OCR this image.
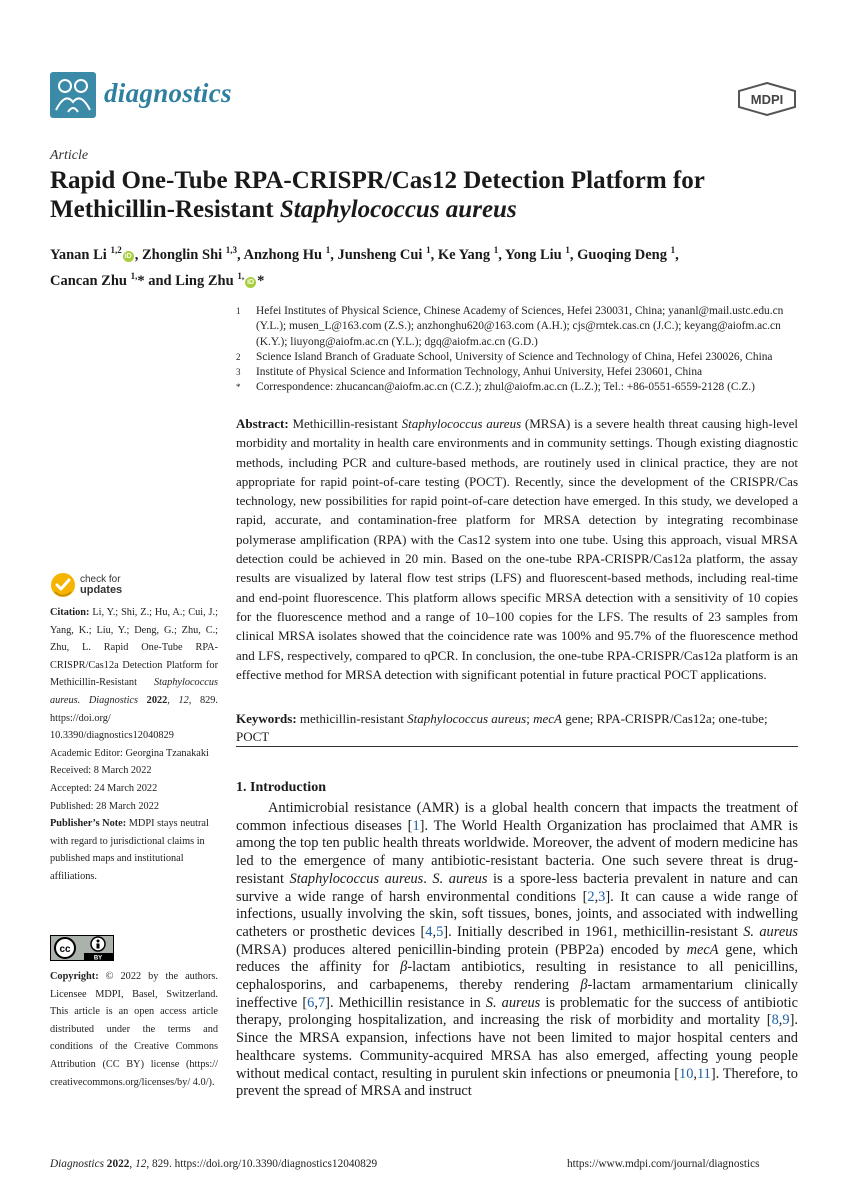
diagnostics	MDPI
Article
Rapid One-Tube RPA-CRISPR/Cas12 Detection Platform for
Methicillin-Resistant Staphylococcus aureus
Yanan Li $^{1,2}$iD , Zhonglin Shi $^{1,3}$, Anzhong Hu $^1$, Junsheng Cui $^1$, Ke Yang $^1$, Yong Liu $^1$, Guoqing Deng $^1$,
Cancan Zhu $^{1,}$* and Ling Zhu $^{1,}$iD *
1	Hefei Institutes of Physical Science, Chinese Academy of Sciences, Hefei 230031, China; yananl@mail.ustc.edu.cn (Y.L.); musen_L@163.com (Z.S.); anzhonghu620@163.com (A.H.); cjs@rntek.cas.cn (J.C.); keyang@aiofm.ac.cn (K.Y.); liuyong@aiofm.ac.cn (Y.L.); dgq@aiofm.ac.cn (G.D.)
2	Science Island Branch of Graduate School, University of Science and Technology of China, Hefei 230026, China
3	Institute of Physical Science and Information Technology, Anhui University, Hefei 230601, China
*	Correspondence: zhucancan@aiofm.ac.cn (C.Z.); zhul@aiofm.ac.cn (L.Z.); Tel.: +86-0551-6559-2128 (C.Z.)
Abstract: Methicillin-resistant Staphylococcus aureus (MRSA) is a severe health threat causing high-level morbidity and mortality in health care environments and in community settings. Though existing diagnostic methods, including PCR and culture-based methods, are routinely used in clinical practice, they are not appropriate for rapid point-of-care testing (POCT). Recently, since the development of the CRISPR/Cas technology, new possibilities for rapid point-of-care detection have emerged. In this study, we developed a rapid, accurate, and contamination-free platform for MRSA detection by integrating recombinase polymerase amplification (RPA) with the Cas12 system into one tube. Using this approach, visual MRSA detection could be achieved in 20 min. Based on the one-tube RPA-CRISPR/Cas12a platform, the assay results are visualized by lateral flow test strips (LFS) and fluorescent-based methods, including real-time and end-point fluorescence. This platform allows specific MRSA detection with a sensitivity of 10 copies for the fluorescence method and a range of 10–100 copies for the LFS. The results of 23 samples from clinical MRSA isolates showed that the coincidence rate was 100% and 95.7% of the fluorescence method and LFS, respectively, compared to qPCR. In conclusion, the one-tube RPA-CRISPR/Cas12a platform is an effective method for MRSA detection with significant potential in future practical POCT applications.
Keywords: methicillin-resistant Staphylococcus aureus; mecA gene; RPA-CRISPR/Cas12a; one-tube; POCT
1. Introduction
Antimicrobial resistance (AMR) is a global health concern that impacts the treatment of common infectious diseases [1]. The World Health Organization has proclaimed that AMR is among the top ten public health threats worldwide. Moreover, the advent of modern medicine has led to the emergence of many antibiotic-resistant bacteria. One such severe threat is drug-resistant Staphylococcus aureus. S. aureus is a spore-less bacteria prevalent in nature and can survive a wide range of harsh environmental conditions [2,3]. It can cause a wide range of infections, usually involving the skin, soft tissues, bones, joints, and associated with indwelling catheters or prosthetic devices [4,5]. Initially described in 1961, methicillin-resistant S. aureus (MRSA) produces altered penicillin-binding protein (PBP2a) encoded by mecA gene, which reduces the affinity for β-lactam antibiotics, resulting in resistance to all penicillins, cephalosporins, and carbapenems, thereby rendering β-lactam armamentarium clinically ineffective [6,7]. Methicillin resistance in S. aureus is problematic for the success of antibiotic therapy, prolonging hospitalization, and increasing the risk of morbidity and mortality [8,9]. Since the MRSA expansion, infections have not been limited to major hospital centers and healthcare systems. Community-acquired MRSA has also emerged, affecting young people without medical contact, resulting in purulent skin infections or pneumonia [10,11]. Therefore, to prevent the spread of MRSA and instruct
check for
updates

Citation: Li, Y.; Shi, Z.; Hu, A.; Cui, J.; Yang, K.; Liu, Y.; Deng, G.; Zhu, C.; Zhu, L. Rapid One-Tube RPA-CRISPR/Cas12a Detection Platform for Methicillin-Resistant Staphylococcus aureus. Diagnostics 2022, 12, 829. https://doi.org/ 10.3390/diagnostics12040829

Academic Editor: Georgina Tzanakaki

Received: 8 March 2022

Accepted: 24 March 2022

Published: 28 March 2022

Publisher’s Note: MDPI stays neutral with regard to jurisdictional claims in published maps and institutional affiliations.

cc
BY
Copyright: © 2022 by the authors. Licensee MDPI, Basel, Switzerland. This article is an open access article distributed under the terms and conditions of the Creative Commons Attribution (CC BY) license (https:// creativecommons.org/licenses/by/ 4.0/).
Diagnostics 2022, 12, 829. https://doi.org/10.3390/diagnostics12040829	https://www.mdpi.com/journal/diagnostics
